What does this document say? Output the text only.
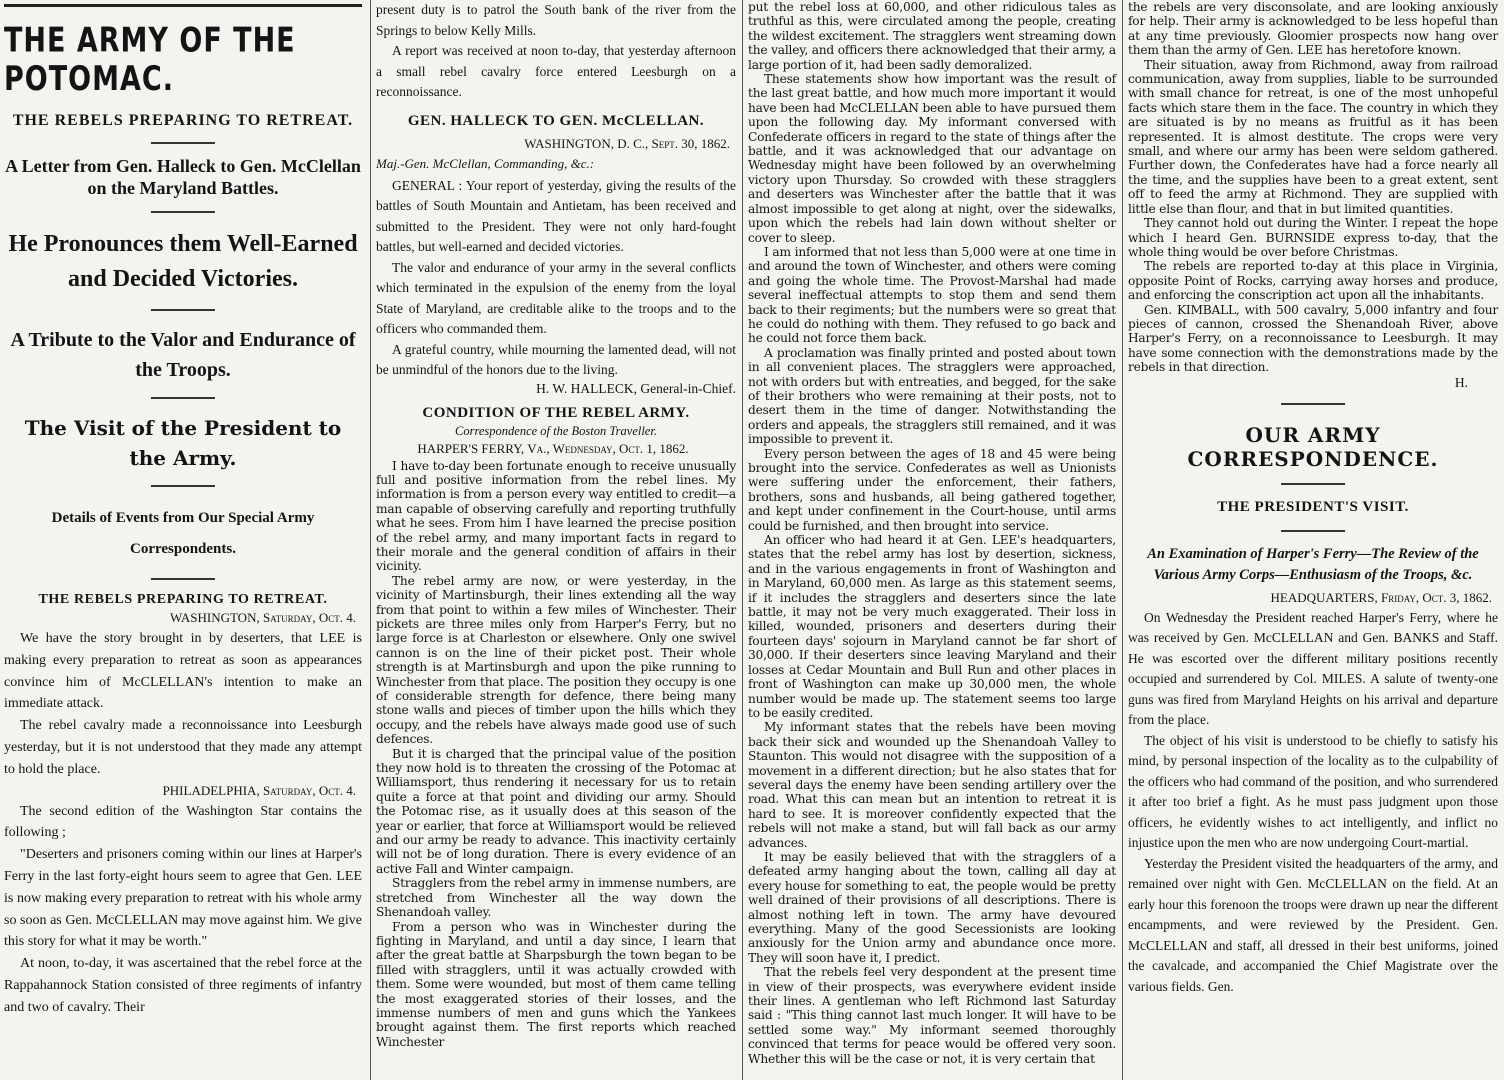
THE ARMY OF THE POTOMAC.
THE REBELS PREPARING TO RETREAT.
A Letter from Gen. Halleck to Gen. McClellan on the Maryland Battles.
He Pronounces them Well-Earned and Decided Victories.
A Tribute to the Valor and Endurance of the Troops.
The Visit of the President to the Army.
Details of Events from Our Special Army Correspondents.
THE REBELS PREPARING TO RETREAT.
WASHINGTON, Saturday, Oct. 4.

We have the story brought in by deserters, that LEE is making every preparation to retreat as soon as appearances convince him of McCLELLAN's intention to make an immediate attack.

The rebel cavalry made a reconnoissance into Leesburgh yesterday, but it is not understood that they made any attempt to hold the place.

PHILADELPHIA, Saturday, Oct. 4.

The second edition of the Washington Star contains the following ;

"Deserters and prisoners coming within our lines at Harper's Ferry in the last forty-eight hours seem to agree that Gen. LEE is now making every preparation to retreat with his whole army so soon as Gen. McCLELLAN may move against him. We give this story for what it may be worth."

At noon, to-day, it was ascertained that the rebel force at the Rappahannock Station consisted of three regiments of infantry and two of cavalry. Their

present duty is to patrol the South bank of the river from the Springs to below Kelly Mills.

A report was received at noon to-day, that yesterday afternoon a small rebel cavalry force entered Leesburgh on a reconnoissance.

GEN. HALLECK TO GEN. McCLELLAN.
WASHINGTON, D. C., Sept. 30, 1862.
Maj.-Gen. McClellan, Commanding, &c.:

GENERAL : Your report of yesterday, giving the results of the battles of South Mountain and Antietam, has been received and submitted to the President. They were not only hard-fought battles, but well-earned and decided victories.

The valor and endurance of your army in the several conflicts which terminated in the expulsion of the enemy from the loyal State of Maryland, are creditable alike to the troops and to the officers who commanded them.

A grateful country, while mourning the lamented dead, will not be unmindful of the honors due to the living.

H. W. HALLECK, General-in-Chief.
CONDITION OF THE REBEL ARMY.
Correspondence of the Boston Traveller.
HARPER'S FERRY, Va., Wednesday, Oct. 1, 1862.

I have to-day been fortunate enough to receive unusually full and positive information from the rebel lines. My information is from a person every way entitled to credit—a man capable of observing carefully and reporting truthfully what he sees. From him I have learned the precise position of the rebel army, and many important facts in regard to their morale and the general condition of affairs in their vicinity.

The rebel army are now, or were yesterday, in the vicinity of Martinsburgh, their lines extending all the way from that point to within a few miles of Winchester. Their pickets are three miles only from Harper's Ferry, but no large force is at Charleston or elsewhere. Only one swivel cannon is on the line of their picket post. Their whole strength is at Martinsburgh and upon the pike running to Winchester from that place. The position they occupy is one of considerable strength for defence, there being many stone walls and pieces of timber upon the hills which they occupy, and the rebels have always made good use of such defences.

But it is charged that the principal value of the position they now hold is to threaten the crossing of the Potomac at Williamsport, thus rendering it necessary for us to retain quite a force at that point and dividing our army. Should the Potomac rise, as it usually does at this season of the year or earlier, that force at Williamsport would be relieved and our army be ready to advance. This inactivity certainly will not be of long duration. There is every evidence of an active Fall and Winter campaign.

Stragglers from the rebel army in immense numbers, are stretched from Winchester all the way down the Shenandoah valley.

From a person who was in Winchester during the fighting in Maryland, and until a day since, I learn that after the great battle at Sharpsburgh the town began to be filled with stragglers, until it was actually crowded with them. Some were wounded, but most of them came telling the most exaggerated stories of their losses, and the immense numbers of men and guns which the Yankees brought against them. The first reports which reached Winchester

put the rebel loss at 60,000, and other ridiculous tales as truthful as this, were circulated among the people, creating the wildest excitement. The stragglers went streaming down the valley, and officers there acknowledged that their army, a large portion of it, had been sadly demoralized.

These statements show how important was the result of the last great battle, and how much more important it would have been had McCLELLAN been able to have pursued them upon the following day. My informant conversed with Confederate officers in regard to the state of things after the battle, and it was acknowledged that our advantage on Wednesday might have been followed by an overwhelming victory upon Thursday. So crowded with these stragglers and deserters was Winchester after the battle that it was almost impossible to get along at night, over the sidewalks, upon which the rebels had lain down without shelter or cover to sleep.

I am informed that not less than 5,000 were at one time in and around the town of Winchester, and others were coming and going the whole time. The Provost-Marshal had made several ineffectual attempts to stop them and send them back to their regiments; but the numbers were so great that he could do nothing with them. They refused to go back and he could not force them back.

A proclamation was finally printed and posted about town in all convenient places. The stragglers were approached, not with orders but with entreaties, and begged, for the sake of their brothers who were remaining at their posts, not to desert them in the time of danger. Notwithstanding the orders and appeals, the stragglers still remained, and it was impossible to prevent it.

Every person between the ages of 18 and 45 were being brought into the service. Confederates as well as Unionists were suffering under the enforcement, their fathers, brothers, sons and husbands, all being gathered together, and kept under confinement in the Court-house, until arms could be furnished, and then brought into service.

An officer who had heard it at Gen. LEE's headquarters, states that the rebel army has lost by desertion, sickness, and in the various engagements in front of Washington and in Maryland, 60,000 men. As large as this statement seems, if it includes the stragglers and deserters since the late battle, it may not be very much exaggerated. Their loss in killed, wounded, prisoners and deserters during their fourteen days' sojourn in Maryland cannot be far short of 30,000. If their deserters since leaving Maryland and their losses at Cedar Mountain and Bull Run and other places in front of Washington can make up 30,000 men, the whole number would be made up. The statement seems too large to be easily credited.

My informant states that the rebels have been moving back their sick and wounded up the Shenandoah Valley to Staunton. This would not disagree with the supposition of a movement in a different direction; but he also states that for several days the enemy have been sending artillery over the road. What this can mean but an intention to retreat it is hard to see. It is moreover confidently expected that the rebels will not make a stand, but will fall back as our army advances.

It may be easily believed that with the stragglers of a defeated army hanging about the town, calling all day at every house for something to eat, the people would be pretty well drained of their provisions of all descriptions. There is almost nothing left in town. The army have devoured everything. Many of the good Secessionists are looking anxiously for the Union army and abundance once more. They will soon have it, I predict.

That the rebels feel very despondent at the present time in view of their prospects, was everywhere evident inside their lines. A gentleman who left Richmond last Saturday said : "This thing cannot last much longer. It will have to be settled some way." My informant seemed thoroughly convinced that terms for peace would be offered very soon. Whether this will be the case or not, it is very certain that

the rebels are very disconsolate, and are looking anxiously for help. Their army is acknowledged to be less hopeful than at any time previously. Gloomier prospects now hang over them than the army of Gen. LEE has heretofore known.

Their situation, away from Richmond, away from railroad communication, away from supplies, liable to be surrounded with small chance for retreat, is one of the most unhopeful facts which stare them in the face. The country in which they are situated is by no means as fruitful as it has been represented. It is almost destitute. The crops were very small, and where our army has been were seldom gathered. Further down, the Confederates have had a force nearly all the time, and the supplies have been to a great extent, sent off to feed the army at Richmond. They are supplied with little else than flour, and that in but limited quantities.

They cannot hold out during the Winter. I repeat the hope which I heard Gen. BURNSIDE express to-day, that the whole thing would be over before Christmas.

The rebels are reported to-day at this place in Virginia, opposite Point of Rocks, carrying away horses and produce, and enforcing the conscription act upon all the inhabitants.

Gen. KIMBALL, with 500 cavalry, 5,000 infantry and four pieces of cannon, crossed the Shenandoah River, above Harper's Ferry, on a reconnoissance to Leesburgh. It may have some connection with the demonstrations made by the rebels in that direction.

H.
OUR ARMY CORRESPONDENCE.
THE PRESIDENT'S VISIT.
An Examination of Harper's Ferry—The Review of the Various Army Corps—Enthusiasm of the Troops, &c.
HEADQUARTERS, Friday, Oct. 3, 1862.

On Wednesday the President reached Harper's Ferry, where he was received by Gen. McCLELLAN and Gen. BANKS and Staff. He was escorted over the different military positions recently occupied and surrendered by Col. MILES. A salute of twenty-one guns was fired from Maryland Heights on his arrival and departure from the place.

The object of his visit is understood to be chiefly to satisfy his mind, by personal inspection of the locality as to the culpability of the officers who had command of the position, and who surrendered it after too brief a fight. As he must pass judgment upon those officers, he evidently wishes to act intelligently, and inflict no injustice upon the men who are now undergoing Court-martial.

Yesterday the President visited the headquarters of the army, and remained over night with Gen. McCLELLAN on the field. At an early hour this forenoon the troops were drawn up near the different encampments, and were reviewed by the President. Gen. McCLELLAN and staff, all dressed in their best uniforms, joined the cavalcade, and accompanied the Chief Magistrate over the various fields. Gen.
